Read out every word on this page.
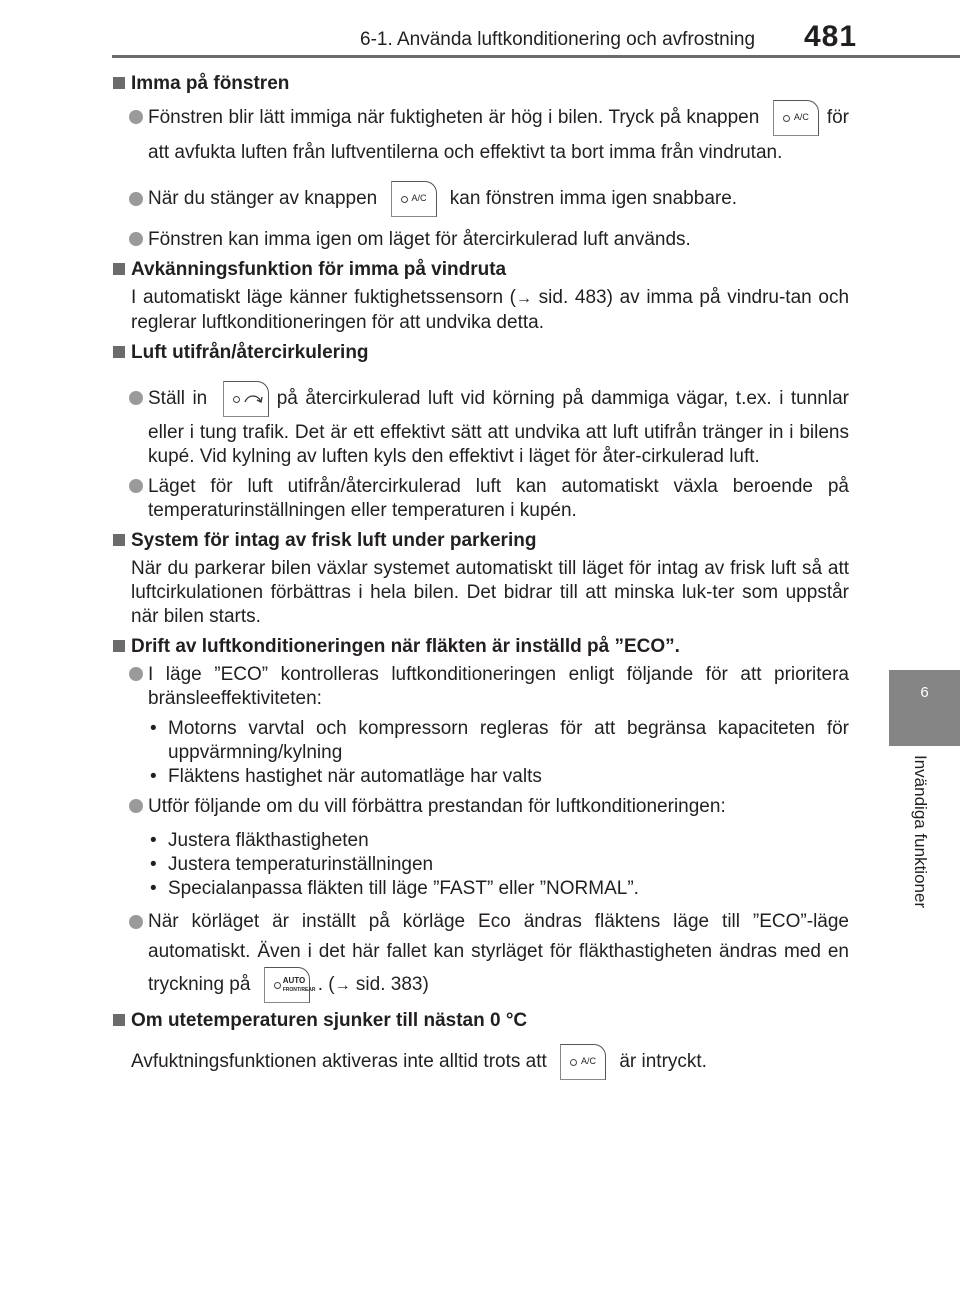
6-1. Använda luftkonditionering och avfrostning 481
6
Invändiga funktioner
Imma på fönstren
Fönstren blir lätt immiga när fuktigheten är hög i bilen. Tryck på knappen	A/C för att avfukta luften från luftventilerna och effektivt ta bort imma från vindrutan.
När du stänger av knappen	A/C kan fönstren imma igen snabbare.
Fönstren kan imma igen om läget för återcirkulerad luft används.
Avkänningsfunktion för imma på vindruta
I automatiskt läge känner fuktighetssensorn (→ sid. 483) av imma på vindru-tan och reglerar luftkonditioneringen för att undvika detta.
Luft utifrån/återcirkulering
Ställ in	på återcirkulerad luft vid körning på dammiga vägar, t.ex. i tunnlar eller i tung trafik. Det är ett effektivt sätt att undvika att luft utifrån tränger in i bilens kupé. Vid kylning av luften kyls den effektivt i läget för åter-cirkulerad luft.
Läget för luft utifrån/återcirkulerad luft kan automatiskt växla beroende på temperaturinställningen eller temperaturen i kupén.
System för intag av frisk luft under parkering
När du parkerar bilen växlar systemet automatiskt till läget för intag av frisk luft så att luftcirkulationen förbättras i hela bilen. Det bidrar till att minska luk-ter som uppstår när bilen starts.
Drift av luftkonditioneringen när fläkten är inställd på ”ECO”.
I läge ”ECO” kontrolleras luftkonditioneringen enligt följande för att prioritera bränsleeffektiviteten:
• Motorns varvtal och kompressorn regleras för att begränsa kapaciteten för uppvärmning/kylning
• Fläktens hastighet när automatläge har valts
Utför följande om du vill förbättra prestandan för luftkonditioneringen:
• Justera fläkthastigheten
• Justera temperaturinställningen
• Specialanpassa fläkten till läge ”FAST” eller ”NORMAL”.
När körläget är inställt på körläge Eco ändras fläktens läge till ”ECO”-läge automatiskt. Även i det här fallet kan styrläget för fläkthastigheten ändras med en tryckning på	AUTO
FRONT/REAR . (→ sid. 383)
Om utetemperaturen sjunker till nästan 0 °C
Avfuktningsfunktionen aktiveras inte alltid trots att	A/C är intryckt.
